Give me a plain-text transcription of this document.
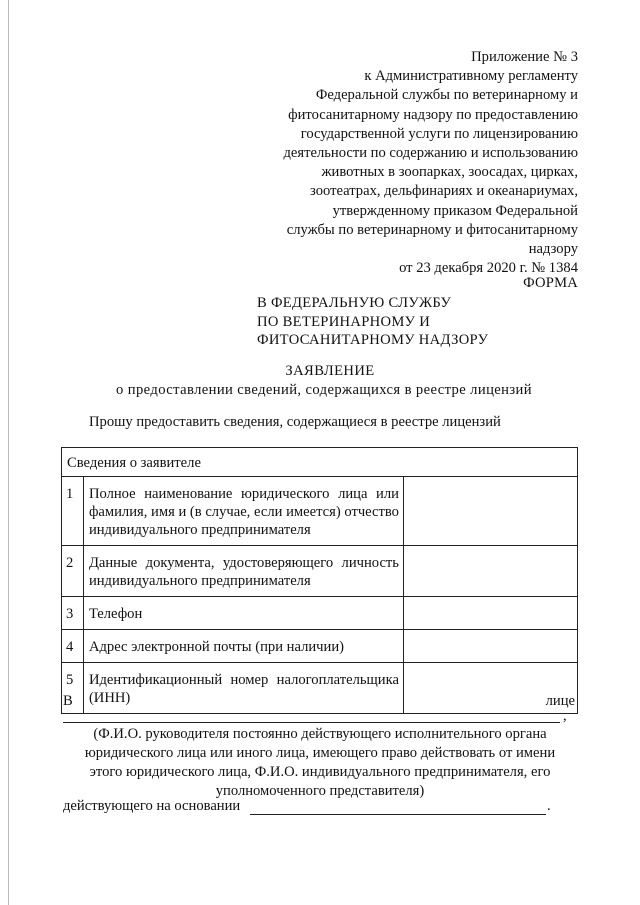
Приложение № 3
к Административному регламенту
Федеральной службы по ветеринарному и
фитосанитарному надзору по предоставлению
государственной услуги по лицензированию
деятельности по содержанию и использованию
животных в зоопарках, зоосадах, цирках,
зоотеатрах, дельфинариях и океанариумах,
утвержденному приказом Федеральной
службы по ветеринарному и фитосанитарному
надзору
от 23 декабря 2020 г. № 1384
ФОРМА
В ФЕДЕРАЛЬНУЮ СЛУЖБУ
ПО ВЕТЕРИНАРНОМУ И
ФИТОСАНИТАРНОМУ НАДЗОРУ
ЗАЯВЛЕНИЕ
о предоставлении сведений, содержащихся в реестре лицензий
Прошу предоставить сведения, содержащиеся в реестре лицензий
Сведения о заявителе		
1	Полное наименование юридического лица или фамилия, имя и (в случае, если имеется) отчество индивидуального предпринимателя	
2	Данные документа, удостоверяющего личность индивидуального предпринимателя	
3	Телефон	
4	Адрес электронной почты (при наличии)	
5	Идентификационный номер налогоплательщика (ИНН)	
В	лице
,
(Ф.И.О. руководителя постоянно действующего исполнительного органа
юридического лица или иного лица, имеющего право действовать от имени
этого юридического лица, Ф.И.О. индивидуального предпринимателя, его
уполномоченного представителя)
действующего на основании	.
